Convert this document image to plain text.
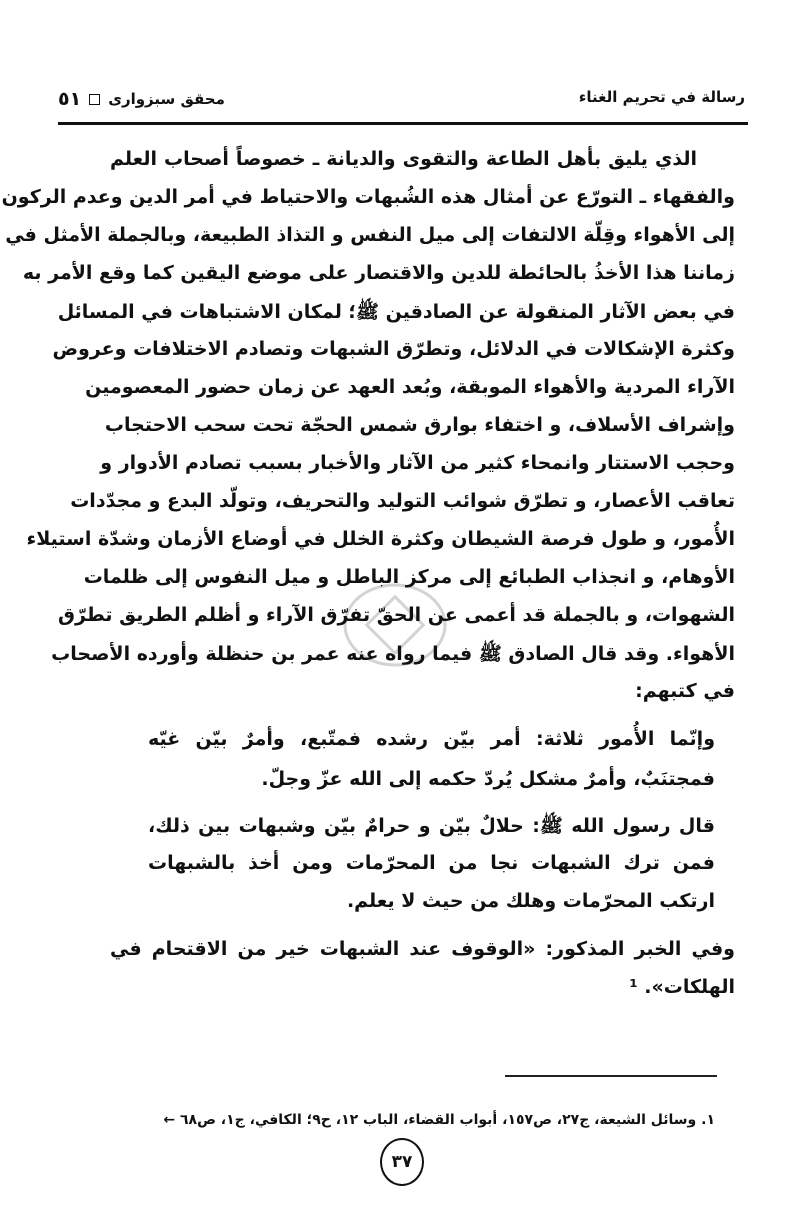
رسالة في تحريم الغناء
٥١ محقق سبزواری
الذي يليق بأهل الطاعة والتقوى والديانة ـ خصوصاً أصحاب العلم
والفقهاء ـ التورّع عن أمثال هذه الشُبهات والاحتياط في أمر الدين وعدم الركون
إلى الأهواء وقِلّة الالتفات إلى ميل النفس و التذاذ الطبيعة، وبالجملة الأمثل في
زماننا هذا الأخذُ بالحائطة للدين والاقتصار على موضع اليقين كما وقع الأمر به
في بعض الآثار المنقولة عن الصادقين ﷺ؛ لمكان الاشتباهات في المسائل
وكثرة الإشكالات في الدلائل، وتطرّق الشبهات وتصادم الاختلافات وعروض
الآراء المردية والأهواء الموبقة، وبُعد العهد عن زمان حضور المعصومين
وإشراف الأسلاف، و اختفاء بوارق شمس الحجّة تحت سحب الاحتجاب
وحجب الاستتار وانمحاء كثير من الآثار والأخبار بسبب تصادم الأدوار و
تعاقب الأعصار، و تطرّق شوائب التوليد والتحريف، وتولّد البدع و مجدّدات
الأُمور، و طول فرصة الشيطان وكثرة الخلل في أوضاع الأزمان وشدّة استيلاء
الأوهام، و انجذاب الطبائع إلى مركز الباطل و ميل النفوس إلى ظلمات
الشهوات، و بالجملة قد أعمى عن الحقّ تفرّق الآراء و أظلم الطريق تطرّق
الأهواء. وقد قال الصادق ﷺ فيما رواه عنه عمر بن حنظلة وأورده الأصحاب
في كتبهم:
وإنّما الأُمور ثلاثة: أمر بيّن رشده فمتّبع، وأمرٌ بيّن غيّه
فمجتنَبٌ، وأمرٌ مشكل يُردّ حكمه إلى الله عزّ وجلّ.
قال رسول الله ﷺ: حلالٌ بيّن و حرامٌ بيّن وشبهات بين ذلك،
فمن ترك الشبهات نجا من المحرّمات ومن أخذ بالشبهات
ارتكب المحرّمات وهلك من حيث لا يعلم.
وفي الخبر المذكور: «الوقوف عند الشبهات خير من الاقتحام في
الهلكات». ¹
١. وسائل الشيعة، ج٢٧، ص١٥٧، أبواب القضاء، الباب ١٢، ح٩؛ الكافي، ج١، ص٦٨ ←
٣٧
